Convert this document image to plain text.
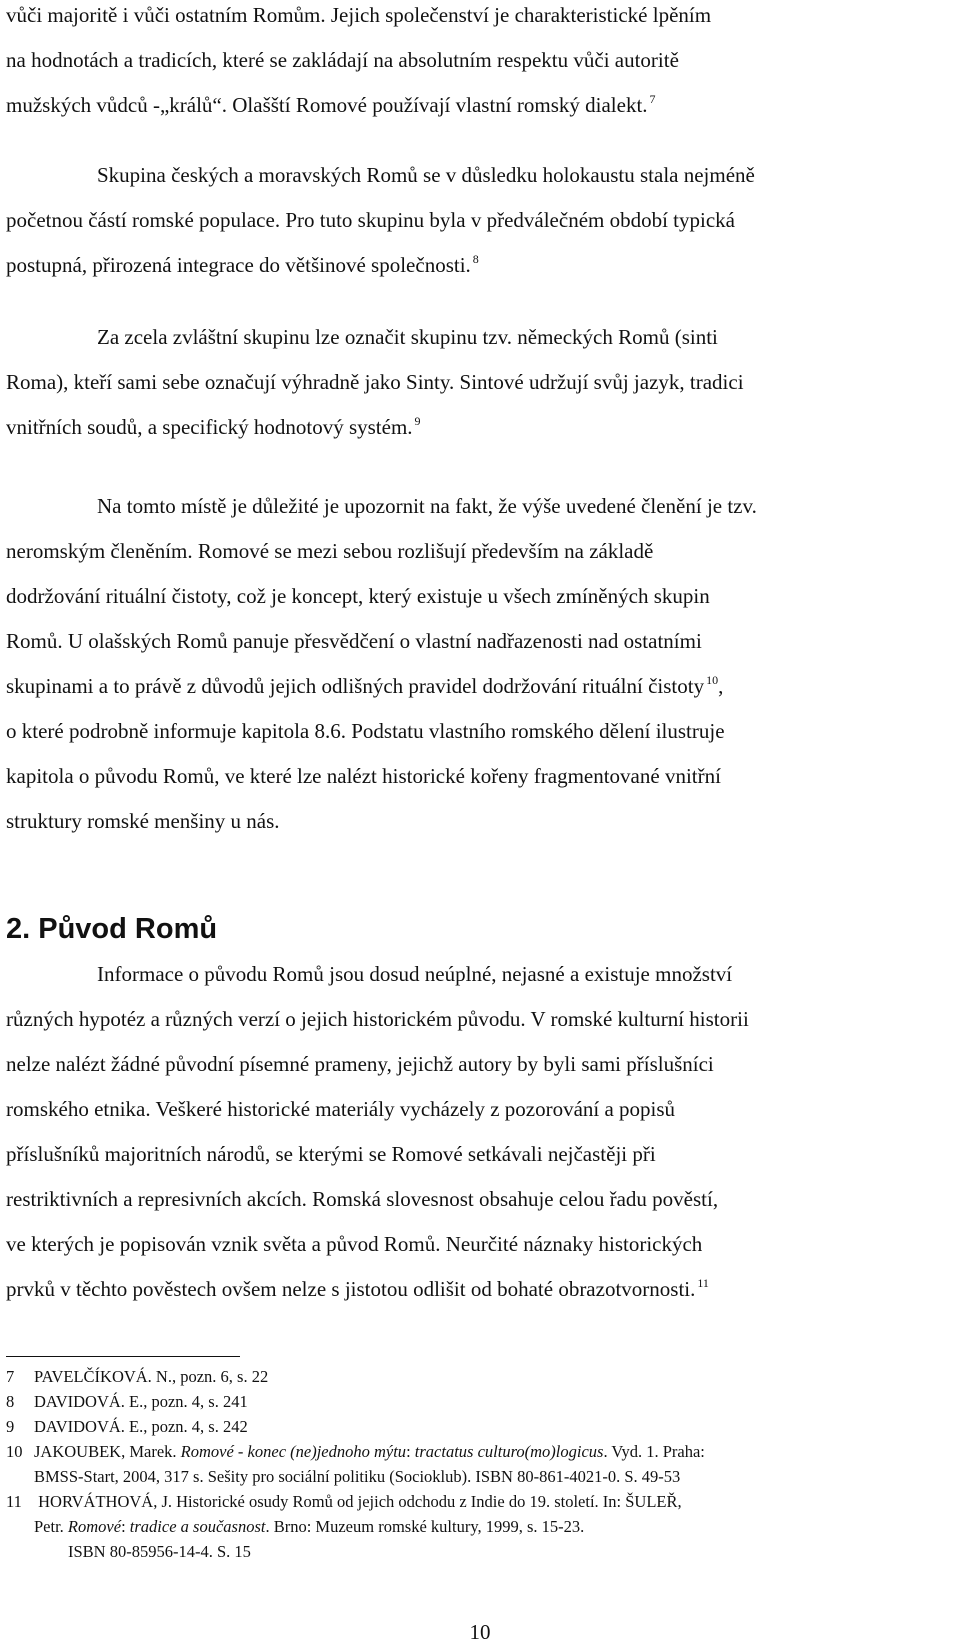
vůči majoritě i vůči ostatním Romům. Jejich společenství je charakteristické lpěním
na hodnotách a tradicích, které se zakládají na absolutním respektu vůči autoritě
mužských vůdců -„králů“. Olašští Romové používají vlastní romský dialekt. $^7$
Skupina českých a moravských Romů se v důsledku holokaustu stala nejméně
početnou částí romské populace. Pro tuto skupinu byla v předválečném období typická
postupná, přirozená integrace do většinové společnosti. $^8$
Za zcela zvláštní skupinu lze označit skupinu tzv. německých Romů (sinti
Roma), kteří sami sebe označují výhradně jako Sinty. Sintové udržují svůj jazyk, tradici
vnitřních soudů, a specifický hodnotový systém. $^9$
Na tomto místě je důležité je upozornit na fakt, že výše uvedené členění je tzv.
neromským členěním. Romové se mezi sebou rozlišují především na základě
dodržování rituální čistoty, což je koncept, který existuje u všech zmíněných skupin
Romů. U olašských Romů panuje přesvědčení o vlastní nadřazenosti nad ostatními
skupinami a to právě z důvodů jejich odlišných pravidel dodržování rituální čistoty $^{10}$,
o které podrobně informuje kapitola 8.6. Podstatu vlastního romského dělení ilustruje
kapitola o původu Romů, ve které lze nalézt historické kořeny fragmentované vnitřní
struktury romské menšiny u nás.
2. Původ Romů
Informace o původu Romů jsou dosud neúplné, nejasné a existuje množství
různých hypotéz a různých verzí o jejich historickém původu. V romské kulturní historii
nelze nalézt žádné původní písemné prameny, jejichž autory by byli sami příslušníci
romského etnika. Veškeré historické materiály vycházely z pozorování a popisů
příslušníků majoritních národů, se kterými se Romové setkávali nejčastěji při
restriktivních a represivních akcích. Romská slovesnost obsahuje celou řadu pověstí,
ve kterých je popisován vznik světa a původ Romů. Neurčité náznaky historických
prvků v těchto pověstech ovšem nelze s jistotou odlišit od bohaté obrazotvornosti. $^{11}$
7 PAVELČÍKOVÁ. N., pozn. 6, s. 22
8 DAVIDOVÁ. E., pozn. 4, s. 241
9 DAVIDOVÁ. E., pozn. 4, s. 242
10 JAKOUBEK, Marek. Romové - konec (ne)jednoho mýtu: tractatus culturo(mo)logicus. Vyd. 1. Praha:
BMSS-Start, 2004, 317 s. Sešity pro sociální politiku (Socioklub). ISBN 80-861-4021-0. S. 49-53
11 HORVÁTHOVÁ, J. Historické osudy Romů od jejich odchodu z Indie do 19. století. In: ŠULEŘ,
Petr. Romové: tradice a současnost. Brno: Muzeum romské kultury, 1999, s. 15-23.
ISBN 80-85956-14-4. S. 15
10
